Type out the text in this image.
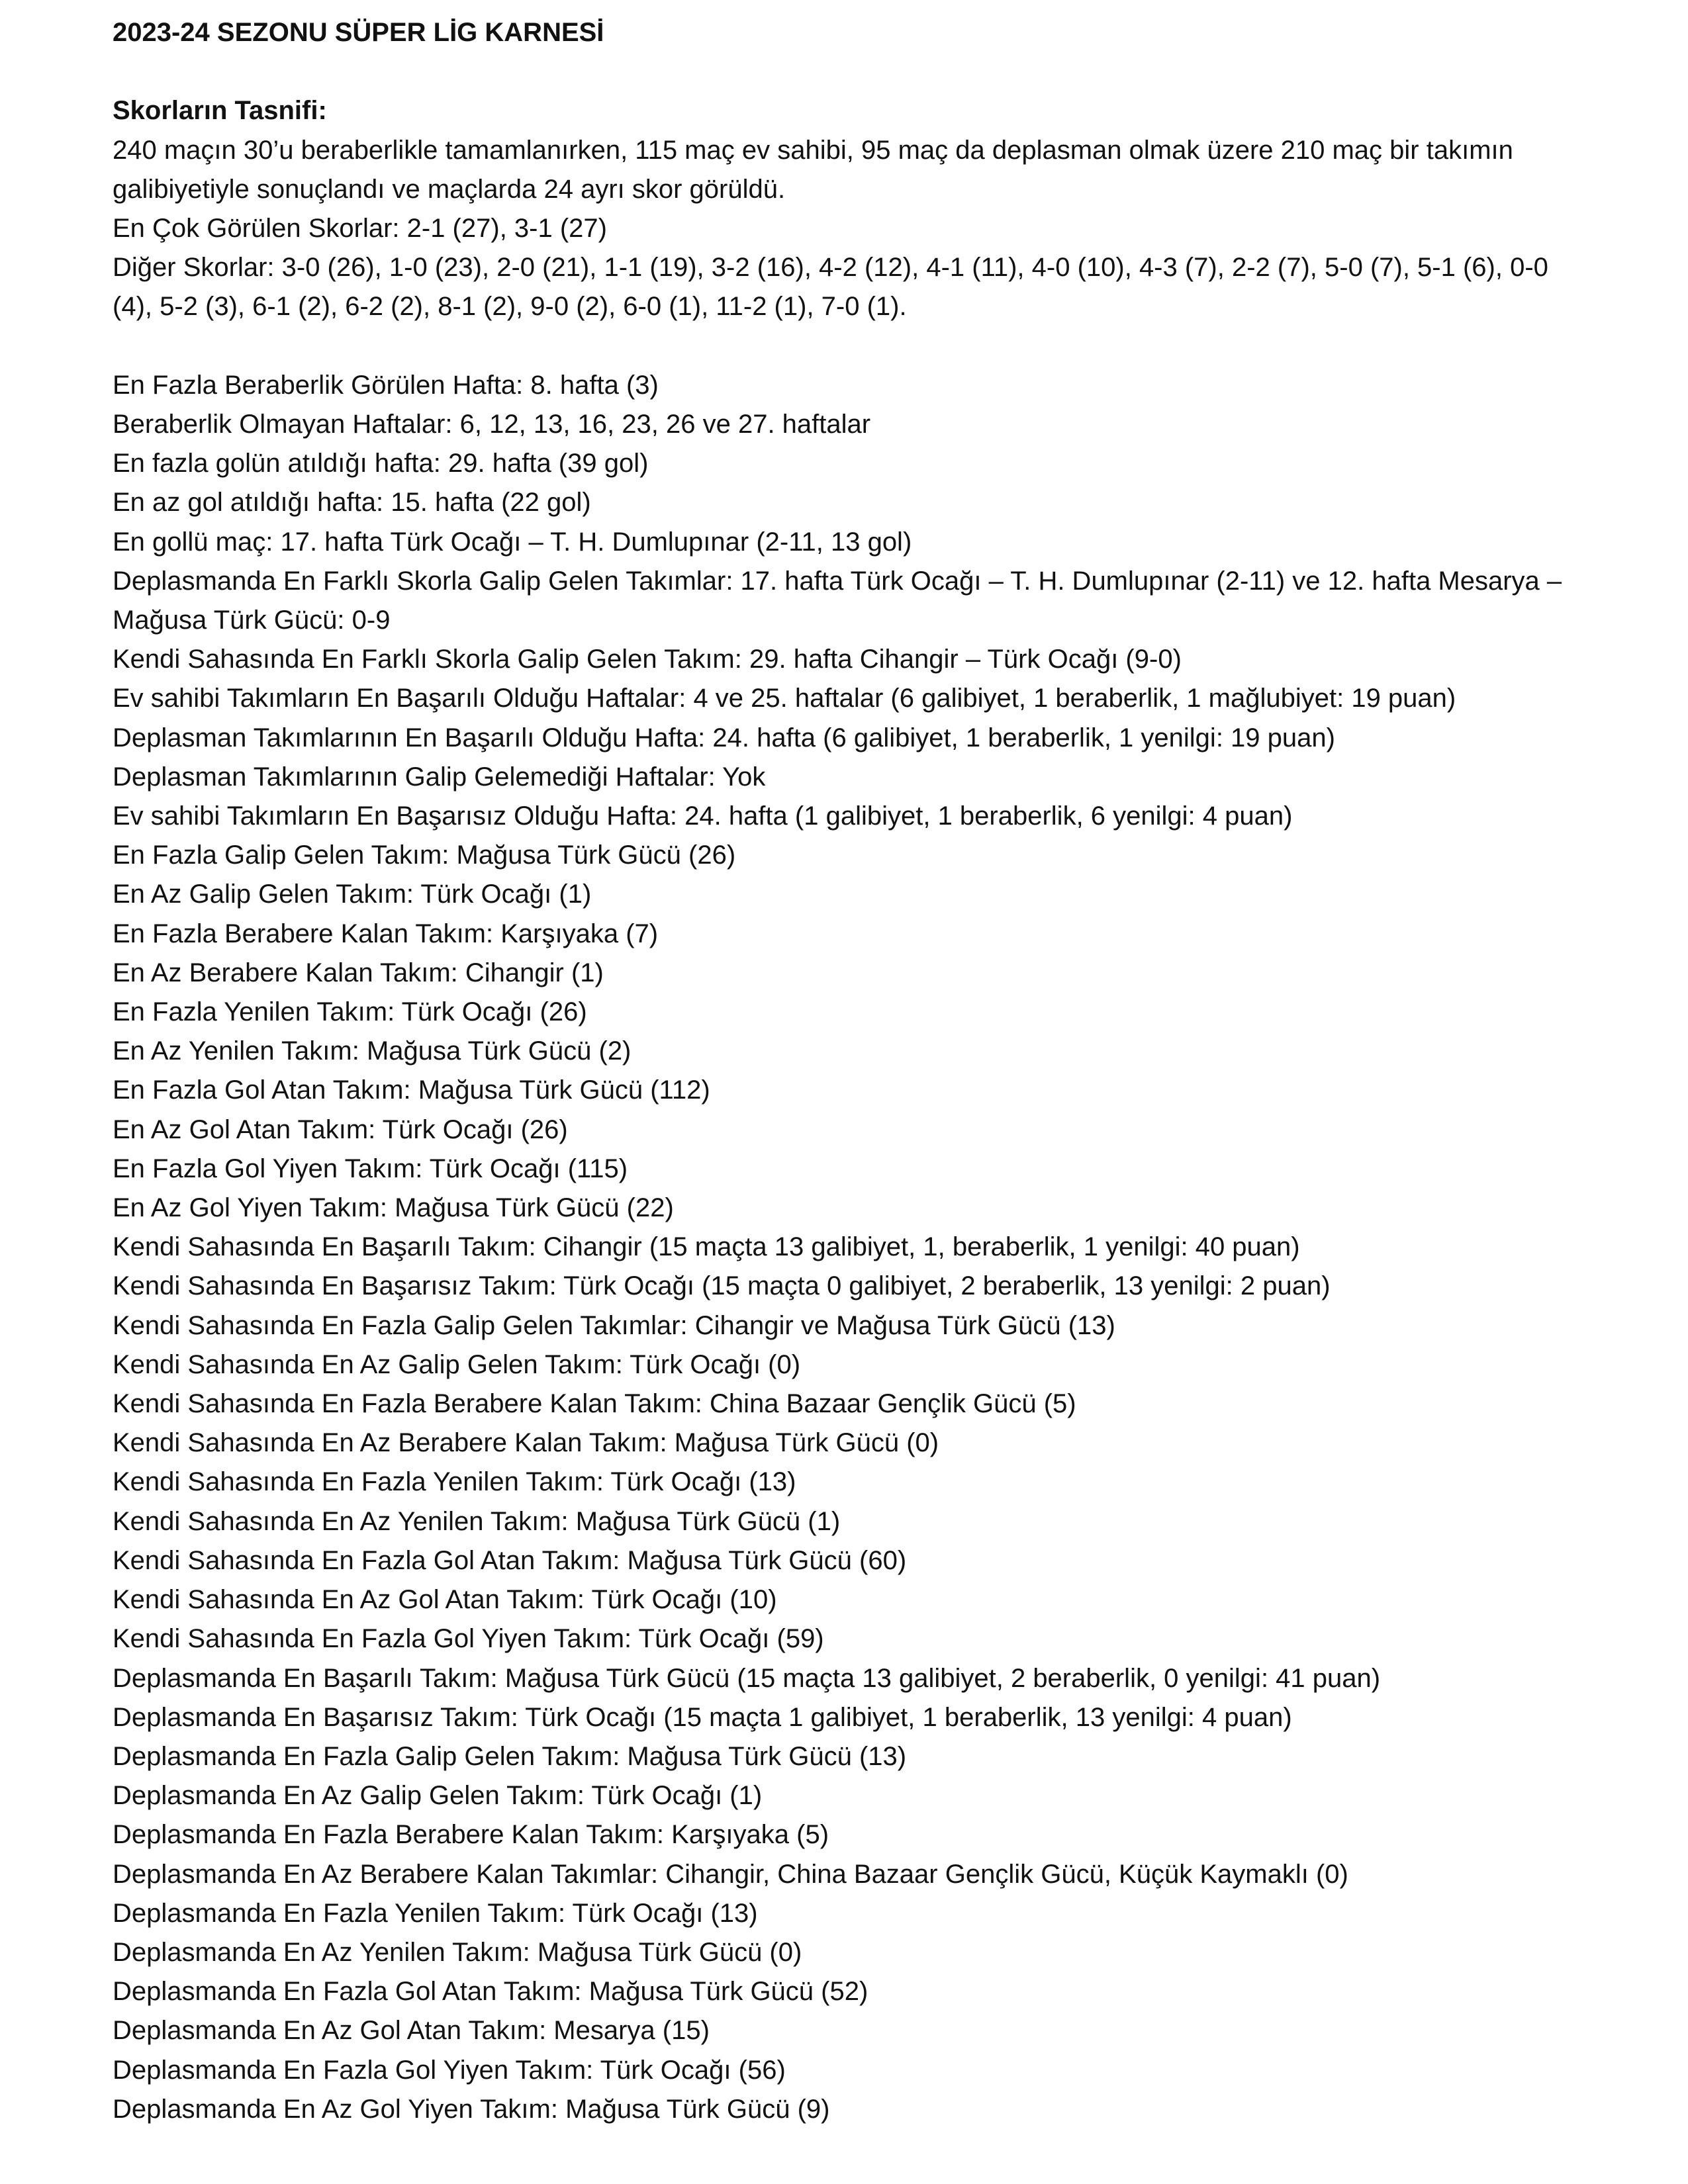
2023-24 SEZONU SÜPER LİG KARNESİ

Skorların Tasnifi:

240 maçın 30’u beraberlikle tamamlanırken, 115 maç ev sahibi, 95 maç da deplasman olmak üzere 210 maç bir takımın galibiyetiyle sonuçlandı ve maçlarda 24 ayrı skor görüldü.

En Çok Görülen Skorlar: 2-1 (27), 3-1 (27)

Diğer Skorlar: 3-0 (26), 1-0 (23), 2-0 (21), 1-1 (19), 3-2 (16), 4-2 (12), 4-1 (11), 4-0 (10), 4-3 (7), 2-2 (7), 5-0 (7), 5-1 (6), 0-0 (4), 5-2 (3), 6-1 (2), 6-2 (2), 8-1 (2), 9-0 (2), 6-0 (1), 11-2 (1), 7-0 (1).

En Fazla Beraberlik Görülen Hafta: 8. hafta (3)

Beraberlik Olmayan Haftalar: 6, 12, 13, 16, 23, 26 ve 27. haftalar

En fazla golün atıldığı hafta: 29. hafta (39 gol)

En az gol atıldığı hafta: 15. hafta (22 gol)

En gollü maç: 17. hafta Türk Ocağı – T. H. Dumlupınar (2-11, 13 gol)

Deplasmanda En Farklı Skorla Galip Gelen Takımlar: 17. hafta Türk Ocağı – T. H. Dumlupınar (2-11) ve 12. hafta Mesarya – Mağusa Türk Gücü: 0-9

Kendi Sahasında En Farklı Skorla Galip Gelen Takım: 29. hafta Cihangir – Türk Ocağı (9-0)

Ev sahibi Takımların En Başarılı Olduğu Haftalar: 4 ve 25. haftalar (6 galibiyet, 1 beraberlik, 1 mağlubiyet: 19 puan)

Deplasman Takımlarının En Başarılı Olduğu Hafta: 24. hafta (6 galibiyet, 1 beraberlik, 1 yenilgi: 19 puan)

Deplasman Takımlarının Galip Gelemediği Haftalar: Yok

Ev sahibi Takımların En Başarısız Olduğu Hafta: 24. hafta (1 galibiyet, 1 beraberlik, 6 yenilgi: 4 puan)

En Fazla Galip Gelen Takım: Mağusa Türk Gücü (26)

En Az Galip Gelen Takım: Türk Ocağı (1)

En Fazla Berabere Kalan Takım: Karşıyaka (7)

En Az Berabere Kalan Takım: Cihangir (1)

En Fazla Yenilen Takım: Türk Ocağı (26)

En Az Yenilen Takım: Mağusa Türk Gücü (2)

En Fazla Gol Atan Takım: Mağusa Türk Gücü (112)

En Az Gol Atan Takım: Türk Ocağı (26)

En Fazla Gol Yiyen Takım: Türk Ocağı (115)

En Az Gol Yiyen Takım: Mağusa Türk Gücü (22)

Kendi Sahasında En Başarılı Takım: Cihangir (15 maçta 13 galibiyet, 1, beraberlik, 1 yenilgi: 40 puan)

Kendi Sahasında En Başarısız Takım: Türk Ocağı (15 maçta 0 galibiyet, 2 beraberlik, 13 yenilgi: 2 puan)

Kendi Sahasında En Fazla Galip Gelen Takımlar: Cihangir ve Mağusa Türk Gücü (13)

Kendi Sahasında En Az Galip Gelen Takım: Türk Ocağı (0)

Kendi Sahasında En Fazla Berabere Kalan Takım: China Bazaar Gençlik Gücü (5)

Kendi Sahasında En Az Berabere Kalan Takım: Mağusa Türk Gücü (0)

Kendi Sahasında En Fazla Yenilen Takım: Türk Ocağı (13)

Kendi Sahasında En Az Yenilen Takım: Mağusa Türk Gücü (1)

Kendi Sahasında En Fazla Gol Atan Takım: Mağusa Türk Gücü (60)

Kendi Sahasında En Az Gol Atan Takım: Türk Ocağı (10)

Kendi Sahasında En Fazla Gol Yiyen Takım: Türk Ocağı (59)

Deplasmanda En Başarılı Takım: Mağusa Türk Gücü (15 maçta 13 galibiyet, 2 beraberlik, 0 yenilgi: 41 puan)

Deplasmanda En Başarısız Takım: Türk Ocağı (15 maçta 1 galibiyet, 1 beraberlik, 13 yenilgi: 4 puan)

Deplasmanda En Fazla Galip Gelen Takım: Mağusa Türk Gücü (13)

Deplasmanda En Az Galip Gelen Takım: Türk Ocağı (1)

Deplasmanda En Fazla Berabere Kalan Takım: Karşıyaka (5)

Deplasmanda En Az Berabere Kalan Takımlar: Cihangir, China Bazaar Gençlik Gücü, Küçük Kaymaklı (0)

Deplasmanda En Fazla Yenilen Takım: Türk Ocağı (13)

Deplasmanda En Az Yenilen Takım: Mağusa Türk Gücü (0)

Deplasmanda En Fazla Gol Atan Takım: Mağusa Türk Gücü (52)

Deplasmanda En Az Gol Atan Takım: Mesarya (15)

Deplasmanda En Fazla Gol Yiyen Takım: Türk Ocağı (56)

Deplasmanda En Az Gol Yiyen Takım: Mağusa Türk Gücü (9)
